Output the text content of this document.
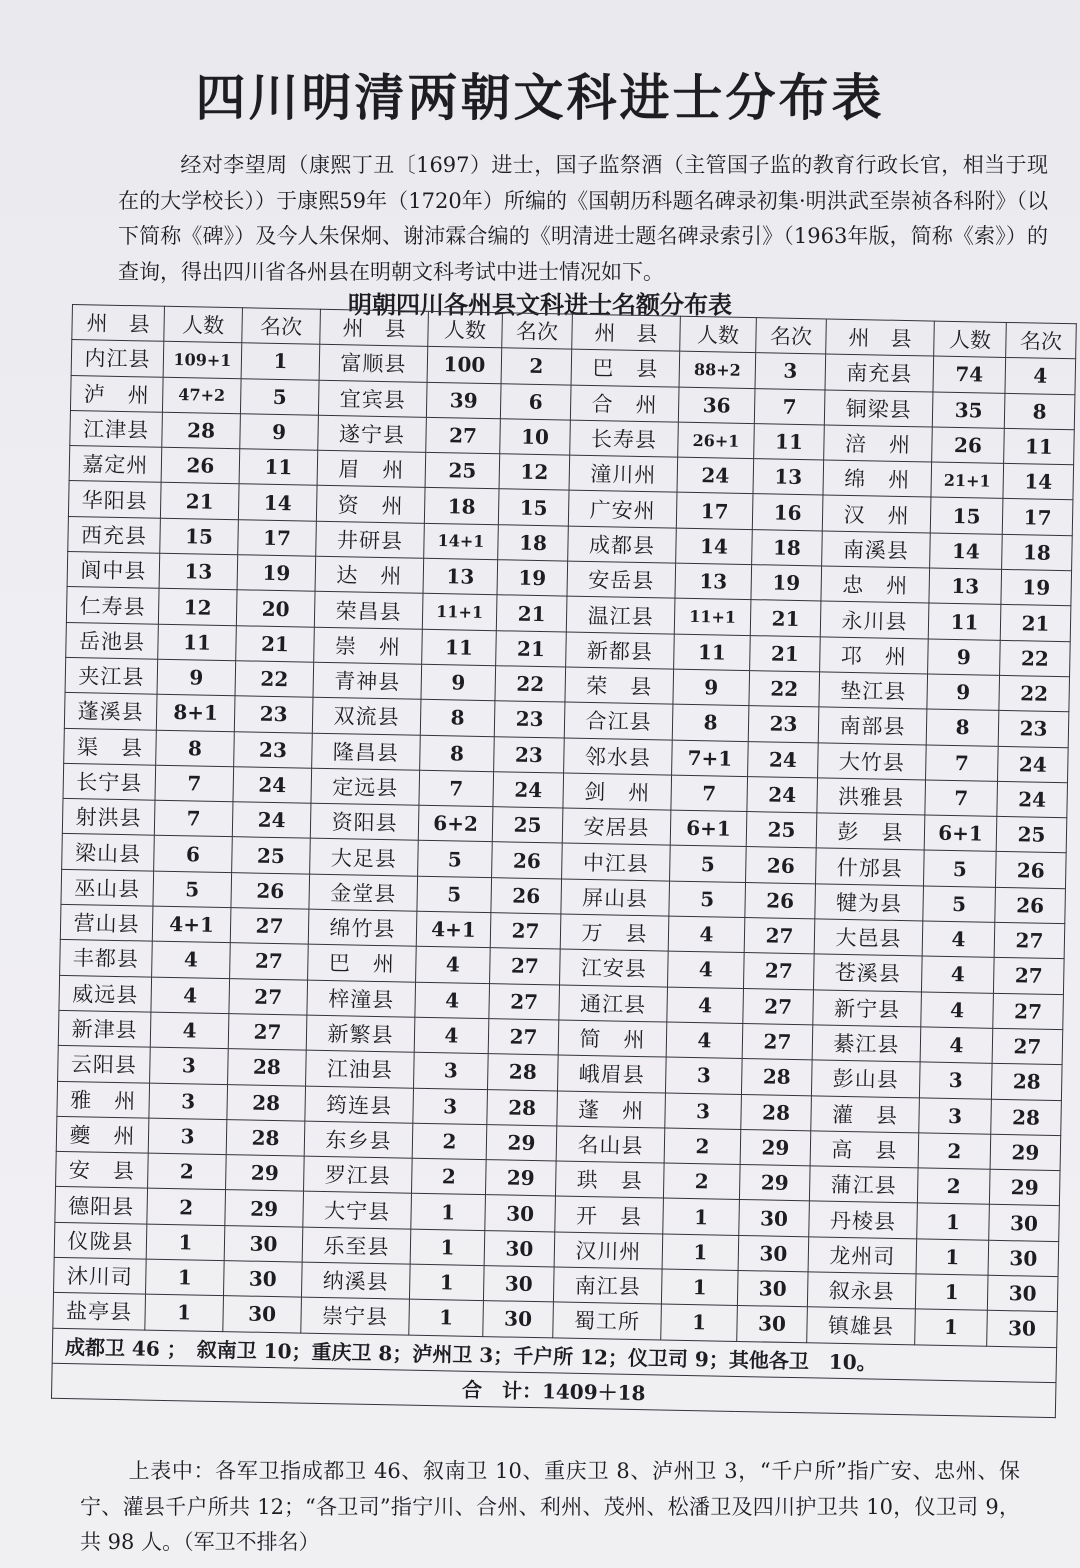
四川明清两朝文科进士分布表
经对李望周（康熙丁丑〔1697）进士，国子监祭酒（主管国子监的教育行政长官，相当于现在的大学校长））于康熙59年（1720年）所编的《国朝历科题名碑录初集·明洪武至崇祯各科附》（以下简称《碑》）及今人朱保炯、谢沛霖合编的《明清进士题名碑录索引》（1963年版，简称《索》）的查询，得出四川省各州县在明朝文科考试中进士情况如下。
明朝四川各州县文科进士名额分布表
州　县	人数	名次	州　县	人数	名次	州　县	人数	名次	州　县	人数	名次
内江县	109+1	1	富顺县	100	2	巴　县	88+2	3	南充县	74	4
泸　州	47+2	5	宜宾县	39	6	合　州	36	7	铜梁县	35	8
江津县	28	9	遂宁县	27	10	长寿县	26+1	11	涪　州	26	11
嘉定州	26	11	眉　州	25	12	潼川州	24	13	绵　州	21+1	14
华阳县	21	14	资　州	18	15	广安州	17	16	汉　州	15	17
西充县	15	17	井研县	14+1	18	成都县	14	18	南溪县	14	18
阆中县	13	19	达　州	13	19	安岳县	13	19	忠　州	13	19
仁寿县	12	20	荣昌县	11+1	21	温江县	11+1	21	永川县	11	21
岳池县	11	21	崇　州	11	21	新都县	11	21	邛　州	9	22
夹江县	9	22	青神县	9	22	荣　县	9	22	垫江县	9	22
蓬溪县	8+1	23	双流县	8	23	合江县	8	23	南部县	8	23
渠　县	8	23	隆昌县	8	23	邻水县	7+1	24	大竹县	7	24
长宁县	7	24	定远县	7	24	剑　州	7	24	洪雅县	7	24
射洪县	7	24	资阳县	6+2	25	安居县	6+1	25	彭　县	6+1	25
梁山县	6	25	大足县	5	26	中江县	5	26	什邡县	5	26
巫山县	5	26	金堂县	5	26	屏山县	5	26	犍为县	5	26
营山县	4+1	27	绵竹县	4+1	27	万　县	4	27	大邑县	4	27
丰都县	4	27	巴　州	4	27	江安县	4	27	苍溪县	4	27
威远县	4	27	梓潼县	4	27	通江县	4	27	新宁县	4	27
新津县	4	27	新繁县	4	27	简　州	4	27	綦江县	4	27
云阳县	3	28	江油县	3	28	峨眉县	3	28	彭山县	3	28
雅　州	3	28	筠连县	3	28	蓬　州	3	28	灌　县	3	28
夔　州	3	28	东乡县	2	29	名山县	2	29	高　县	2	29
安　县	2	29	罗江县	2	29	珙　县	2	29	蒲江县	2	29
德阳县	2	29	大宁县	1	30	开　县	1	30	丹棱县	1	30
仪陇县	1	30	乐至县	1	30	汉川州	1	30	龙州司	1	30
沐川司	1	30	纳溪县	1	30	南江县	1	30	叙永县	1	30
盐亭县	1	30	崇宁县	1	30	蜀工所	1	30	镇雄县	1	30
成都卫 46 ；　叙南卫 10；重庆卫 8；泸州卫 3；千户所 12；仪卫司 9；其他各卫　10。											
合　计：1409＋18											
上表中：各军卫指成都卫 46、叙南卫 10、重庆卫 8、泸州卫 3，“千户所”指广安、忠州、保宁、灌县千户所共 12；“各卫司”指宁川、合州、利州、茂州、松潘卫及四川护卫共 10，仪卫司 9，共 98 人。（军卫不排名）
